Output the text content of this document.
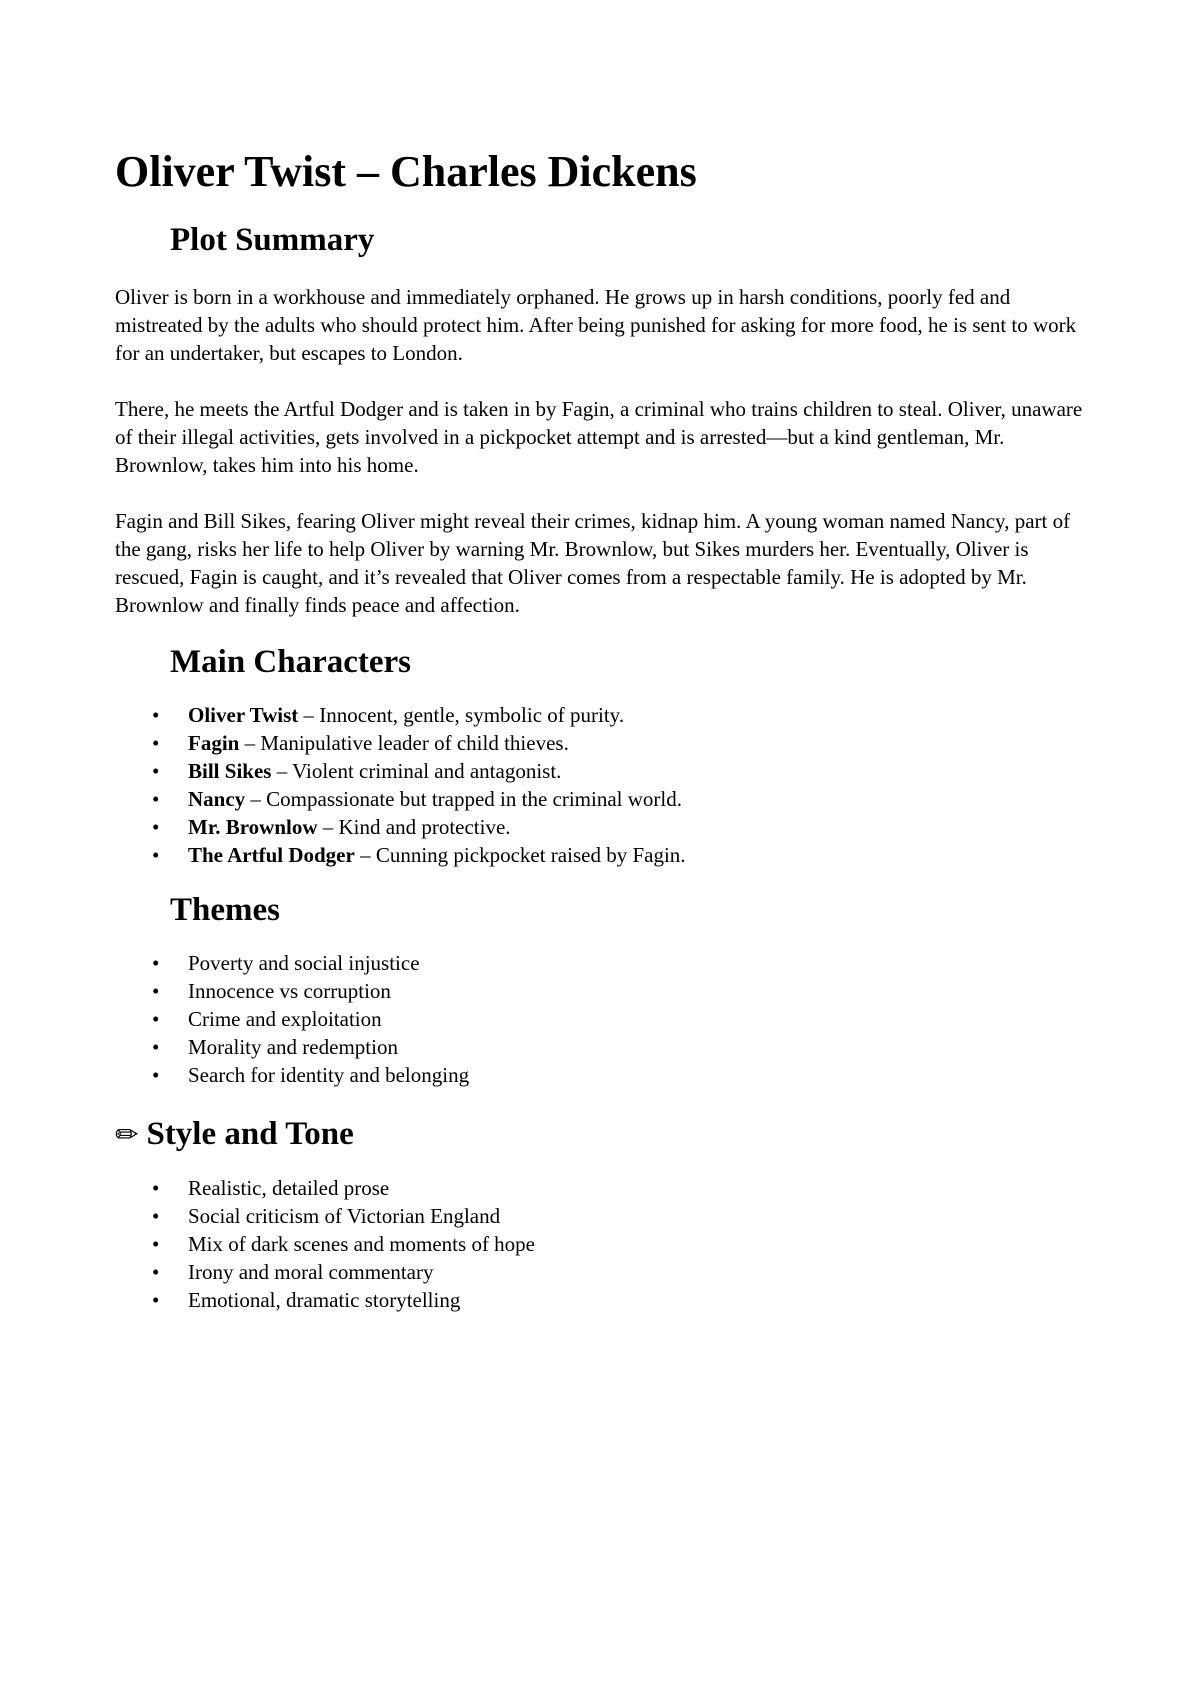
Oliver Twist – Charles Dickens
Plot Summary

Oliver is born in a workhouse and immediately orphaned. He grows up in harsh conditions, poorly fed and mistreated by the adults who should protect him. After being punished for asking for more food, he is sent to work for an undertaker, but escapes to London.

There, he meets the Artful Dodger and is taken in by Fagin, a criminal who trains children to steal. Oliver, unaware of their illegal activities, gets involved in a pickpocket attempt and is arrested—but a kind gentleman, Mr. Brownlow, takes him into his home.

Fagin and Bill Sikes, fearing Oliver might reveal their crimes, kidnap him. A young woman named Nancy, part of the gang, risks her life to help Oliver by warning Mr. Brownlow, but Sikes murders her. Eventually, Oliver is rescued, Fagin is caught, and it’s revealed that Oliver comes from a respectable family. He is adopted by Mr. Brownlow and finally finds peace and affection.

Main Characters
• Oliver Twist – Innocent, gentle, symbolic of purity.
• Fagin – Manipulative leader of child thieves.
• Bill Sikes – Violent criminal and antagonist.
• Nancy – Compassionate but trapped in the criminal world.
• Mr. Brownlow – Kind and protective.
• The Artful Dodger – Cunning pickpocket raised by Fagin.
Themes
• Poverty and social injustice
• Innocence vs corruption
• Crime and exploitation
• Morality and redemption
• Search for identity and belonging
✏ Style and Tone
• Realistic, detailed prose
• Social criticism of Victorian England
• Mix of dark scenes and moments of hope
• Irony and moral commentary
• Emotional, dramatic storytelling
